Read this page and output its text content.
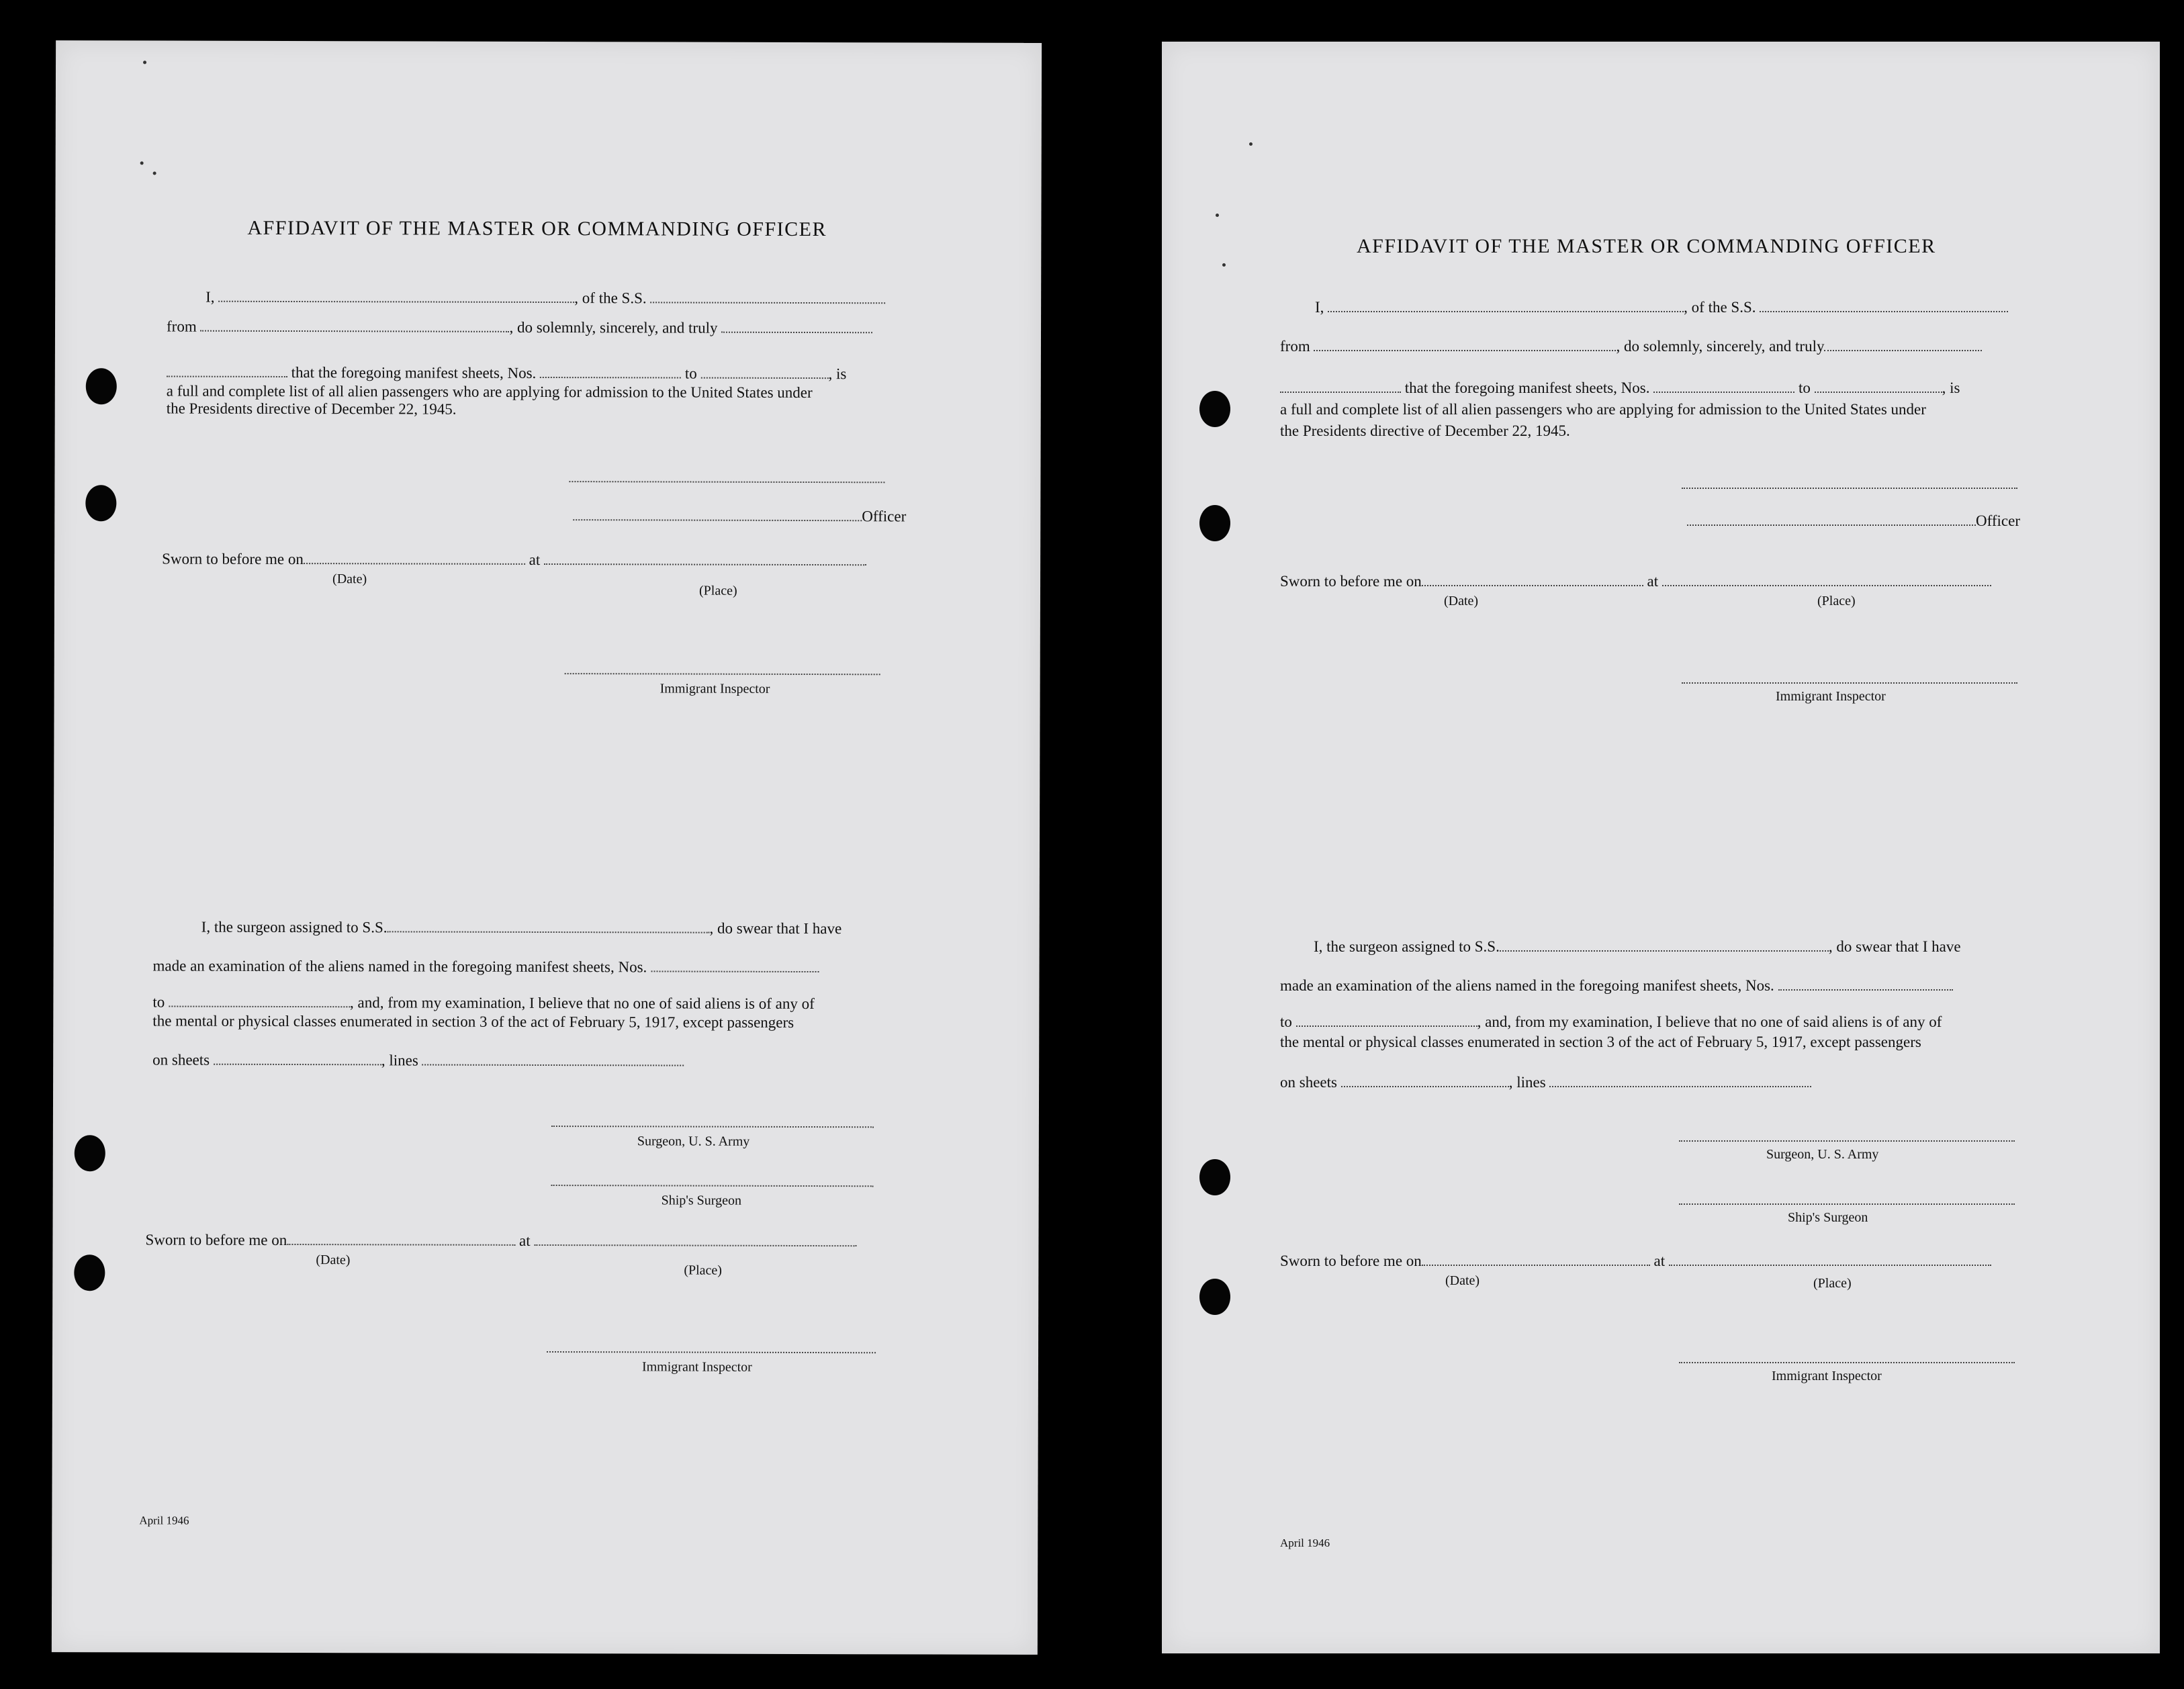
AFFIDAVIT OF THE MASTER OR COMMANDING OFFICER
I,	, of the S.S.
from	, do solemnly, sincerely, and truly
that the foregoing manifest sheets, Nos.	to	, is
a full and complete list of all alien passengers who are applying for admission to the United States under
the Presidents directive of December 22, 1945.
Officer
Sworn to before me on	at
(Date)
(Place)
Immigrant Inspector
I, the surgeon assigned to S.S.	, do swear that I have
made an examination of the aliens named in the foregoing manifest sheets, Nos.
to	, and, from my examination, I believe that no one of said aliens is of any of
the mental or physical classes enumerated in section 3 of the act of February 5, 1917, except passengers
on sheets	, lines
Surgeon, U. S. Army
Ship's Surgeon
Sworn to before me on	at
(Date)
(Place)
Immigrant Inspector
April 1946
AFFIDAVIT OF THE MASTER OR COMMANDING OFFICER
I,	, of the S.S.
from	, do solemnly, sincerely, and truly
that the foregoing manifest sheets, Nos.	to	, is
a full and complete list of all alien passengers who are applying for admission to the United States under
the Presidents directive of December 22, 1945.
Officer
Sworn to before me on	at
(Date)	(Place)
Immigrant Inspector
I, the surgeon assigned to S.S.	, do swear that I have
made an examination of the aliens named in the foregoing manifest sheets, Nos.
to	, and, from my examination, I believe that no one of said aliens is of any of
the mental or physical classes enumerated in section 3 of the act of February 5, 1917, except passengers
on sheets	, lines
Surgeon, U. S. Army
Ship's Surgeon
Sworn to before me on	at
(Date)	(Place)
Immigrant Inspector
April 1946
